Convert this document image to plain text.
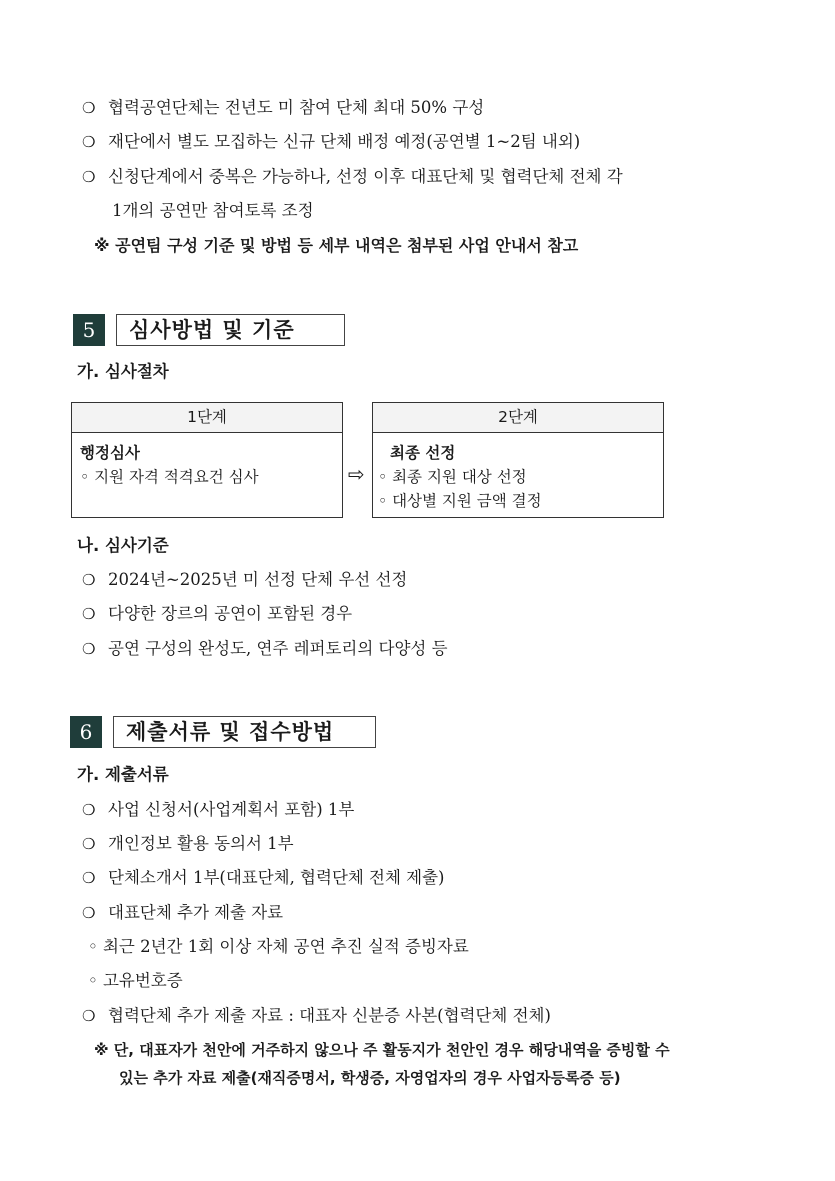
❍ 협력공연단체는 전년도 미 참여 단체 최대 50% 구성
❍ 재단에서 별도 모집하는 신규 단체 배정 예정(공연별 1~2팀 내외)
❍ 신청단계에서 중복은 가능하나, 선정 이후 대표단체 및 협력단체 전체 각
1개의 공연만 참여토록 조정
※ 공연팀 구성 기준 및 방법 등 세부 내역은 첨부된 사업 안내서 참고
5	심사방법 및 기준
가. 심사절차
1단계
행정심사
◦ 지원 자격 적격요건 심사	⇨
2단계
최종 선정
◦ 최종 지원 대상 선정
◦ 대상별 지원 금액 결정
나. 심사기준
❍ 2024년~2025년 미 선정 단체 우선 선정
❍ 다양한 장르의 공연이 포함된 경우
❍ 공연 구성의 완성도, 연주 레퍼토리의 다양성 등
6	제출서류 및 접수방법
가. 제출서류
❍ 사업 신청서(사업계획서 포함) 1부
❍ 개인정보 활용 동의서 1부
❍ 단체소개서 1부(대표단체, 협력단체 전체 제출)
❍ 대표단체 추가 제출 자료
◦ 최근 2년간 1회 이상 자체 공연 추진 실적 증빙자료
◦ 고유번호증
❍ 협력단체 추가 제출 자료 : 대표자 신분증 사본(협력단체 전체)
※ 단, 대표자가 천안에 거주하지 않으나 주 활동지가 천안인 경우 해당내역을 증빙할 수
있는 추가 자료 제출(재직증명서, 학생증, 자영업자의 경우 사업자등록증 등)
